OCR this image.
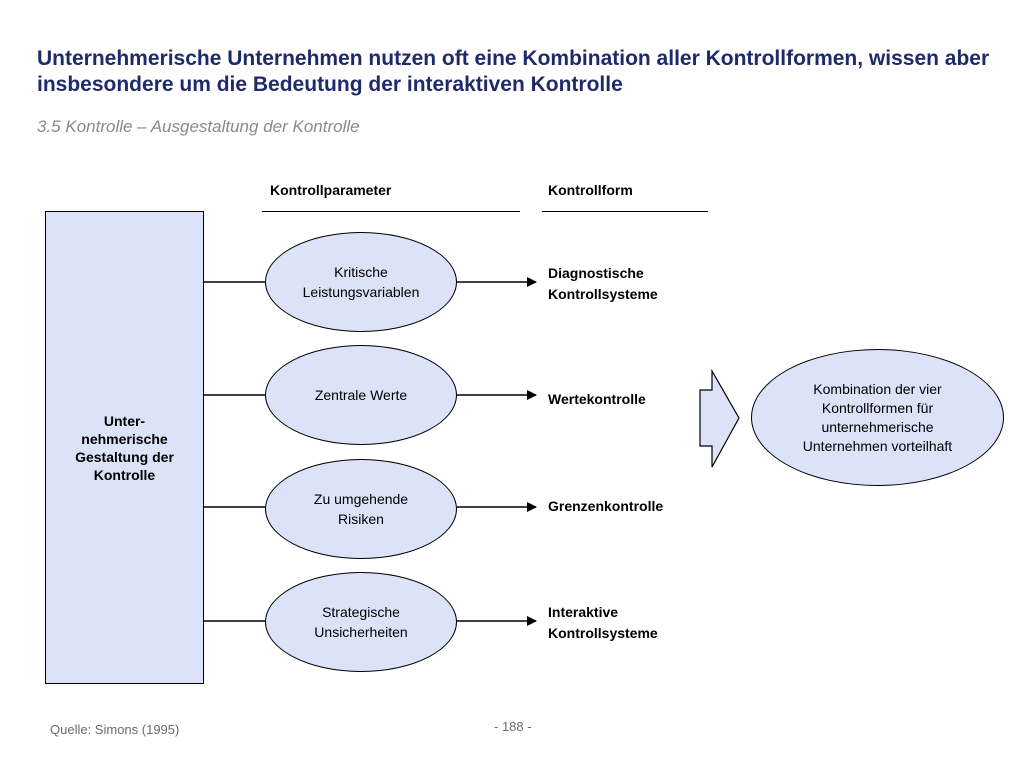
Unternehmerische Unternehmen nutzen oft eine Kombination aller Kontrollformen, wissen aber insbesondere um die Bedeutung der interaktiven Kontrolle
3.5 Kontrolle – Ausgestaltung der Kontrolle
Kontrollparameter	Kontrollform
Unter-
nehmerische
Gestaltung der
Kontrolle
Kritische
Leistungsvariablen
Zentrale Werte
Zu umgehende
Risiken
Strategische
Unsicherheiten
Diagnostische
Kontrollsysteme
Wertekontrolle
Grenzenkontrolle
Interaktive
Kontrollsysteme
Kombination der vier Kontrollformen für unternehmerische Unternehmen vorteilhaft
Quelle: Simons (1995)	- 188 -
